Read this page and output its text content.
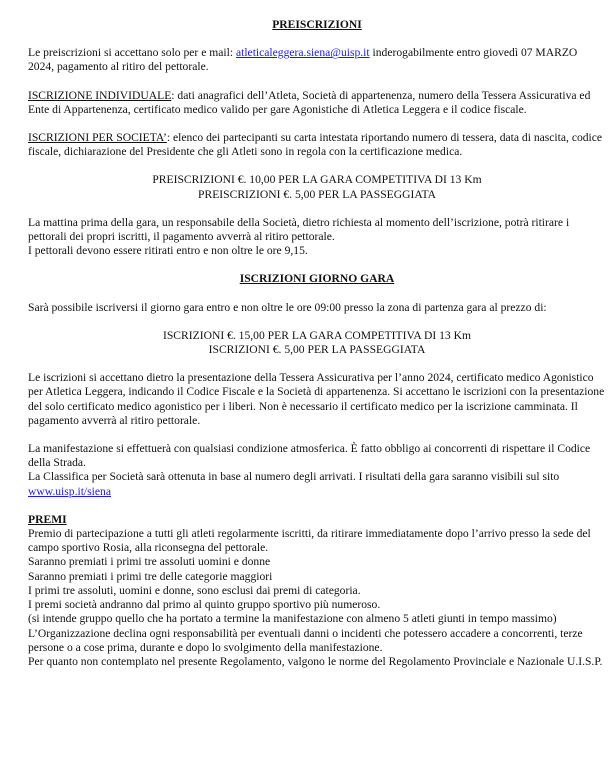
PREISCRIZIONI

Le preiscrizioni si accettano solo per e mail: atleticaleggera.siena@uisp.it inderogabilmente entro giovedì 07 MARZO 2024, pagamento al ritiro del pettorale.

ISCRIZIONE INDIVIDUALE: dati anagrafici dell’Atleta, Società di appartenenza, numero della Tessera Assicurativa ed Ente di Appartenenza, certificato medico valido per gare Agonistiche di Atletica Leggera e il codice fiscale.

ISCRIZIONI PER SOCIETA’: elenco dei partecipanti su carta intestata riportando numero di tessera, data di nascita, codice fiscale, dichiarazione del Presidente che gli Atleti sono in regola con la certificazione medica.

PREISCRIZIONI €. 10,00 PER LA GARA COMPETITIVA DI 13 Km

PREISCRIZIONI €. 5,00 PER LA PASSEGGIATA

La mattina prima della gara, un responsabile della Società, dietro richiesta al momento dell’iscrizione, potrà ritirare i pettorali dei propri iscritti, il pagamento avverrà al ritiro pettorale.

I pettorali devono essere ritirati entro e non oltre le ore 9,15.

ISCRIZIONI GIORNO GARA

Sarà possibile iscriversi il giorno gara entro e non oltre le ore 09:00 presso la zona di partenza gara al prezzo di:

ISCRIZIONI €. 15,00 PER LA GARA COMPETITIVA DI 13 Km

ISCRIZIONI €. 5,00 PER LA PASSEGGIATA

Le iscrizioni si accettano dietro la presentazione della Tessera Assicurativa per l’anno 2024, certificato medico Agonistico per Atletica Leggera, indicando il Codice Fiscale e la Società di appartenenza. Si accettano le iscrizioni con la presentazione del solo certificato medico agonistico per i liberi. Non è necessario il certificato medico per la iscrizione camminata. Il pagamento avverrà al ritiro pettorale.

La manifestazione si effettuerà con qualsiasi condizione atmosferica. È fatto obbligo ai concorrenti di rispettare il Codice della Strada.

La Classifica per Società sarà ottenuta in base al numero degli arrivati. I risultati della gara saranno visibili sul sito www.uisp.it/siena

PREMI

Premio di partecipazione a tutti gli atleti regolarmente iscritti, da ritirare immediatamente dopo l’arrivo presso la sede del campo sportivo Rosia, alla riconsegna del pettorale.

Saranno premiati i primi tre assoluti uomini e donne

Saranno premiati i primi tre delle categorie maggiori

I primi tre assoluti, uomini e donne, sono esclusi dai premi di categoria.

I premi società andranno dal primo al quinto gruppo sportivo più numeroso.

(si intende gruppo quello che ha portato a termine la manifestazione con almeno 5 atleti giunti in tempo massimo)

L’Organizzazione declina ogni responsabilità per eventuali danni o incidenti che potessero accadere a concorrenti, terze persone o a cose prima, durante e dopo lo svolgimento della manifestazione.

Per quanto non contemplato nel presente Regolamento, valgono le norme del Regolamento Provinciale e Nazionale U.I.S.P.
